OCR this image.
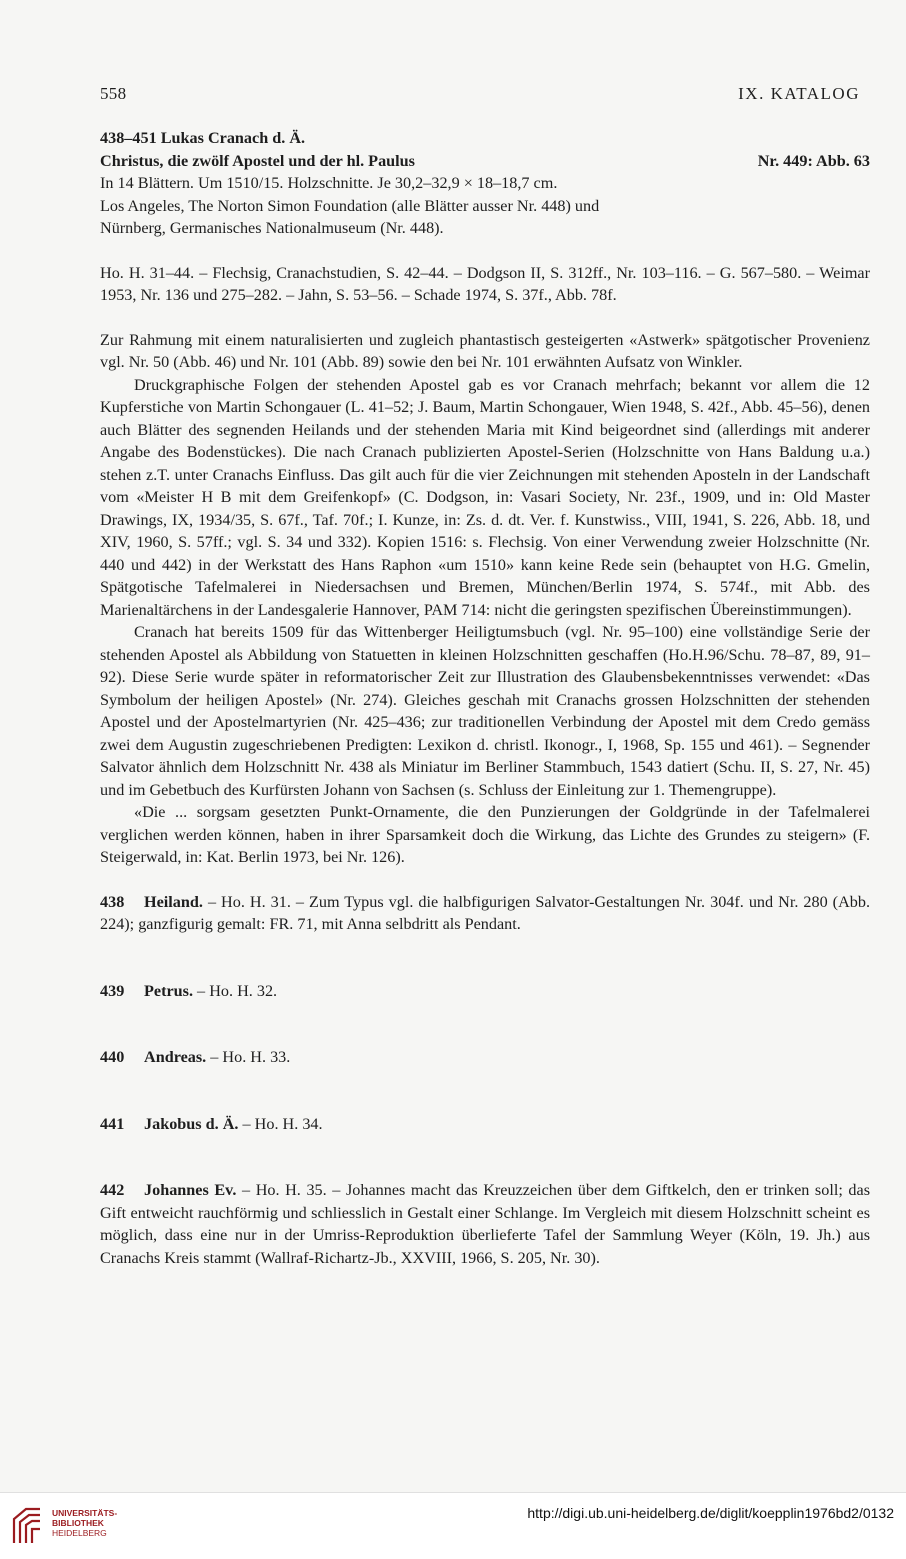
558	IX. KATALOG

438–451 Lukas Cranach d. Ä.

Christus, die zwölf Apostel und der hl. Paulus	Nr. 449: Abb. 63

In 14 Blättern. Um 1510/15. Holzschnitte. Je 30,2–32,9 × 18–18,7 cm.

Los Angeles, The Norton Simon Foundation (alle Blätter ausser Nr. 448) und

Nürnberg, Germanisches Nationalmuseum (Nr. 448).

Ho. H. 31–44. – Flechsig, Cranachstudien, S. 42–44. – Dodgson II, S. 312ff., Nr. 103–116. – G. 567–580. – Weimar 1953, Nr. 136 und 275–282. – Jahn, S. 53–56. – Schade 1974, S. 37f., Abb. 78f.

Zur Rahmung mit einem naturalisierten und zugleich phantastisch gesteigerten «Astwerk» spätgotischer Provenienz vgl. Nr. 50 (Abb. 46) und Nr. 101 (Abb. 89) sowie den bei Nr. 101 erwähnten Aufsatz von Winkler.

Druckgraphische Folgen der stehenden Apostel gab es vor Cranach mehrfach; bekannt vor allem die 12 Kupferstiche von Martin Schongauer (L. 41–52; J. Baum, Martin Schongauer, Wien 1948, S. 42f., Abb. 45–56), denen auch Blätter des segnenden Heilands und der stehenden Maria mit Kind beigeordnet sind (allerdings mit anderer Angabe des Bodenstückes). Die nach Cranach publizierten Apostel-Serien (Holzschnitte von Hans Baldung u.a.) stehen z.T. unter Cranachs Einfluss. Das gilt auch für die vier Zeichnungen mit stehenden Aposteln in der Landschaft vom «Meister H B mit dem Greifenkopf» (C. Dodgson, in: Vasari Society, Nr. 23f., 1909, und in: Old Master Drawings, IX, 1934/35, S. 67f., Taf. 70f.; I. Kunze, in: Zs. d. dt. Ver. f. Kunstwiss., VIII, 1941, S. 226, Abb. 18, und XIV, 1960, S. 57ff.; vgl. S. 34 und 332). Kopien 1516: s. Flechsig. Von einer Verwendung zweier Holzschnitte (Nr. 440 und 442) in der Werkstatt des Hans Raphon «um 1510» kann keine Rede sein (behauptet von H.G. Gmelin, Spätgotische Tafelmalerei in Niedersachsen und Bremen, München/Berlin 1974, S. 574f., mit Abb. des Marienaltärchens in der Landesgalerie Hannover, PAM 714: nicht die geringsten spezifischen Übereinstimmungen).

Cranach hat bereits 1509 für das Wittenberger Heiligtumsbuch (vgl. Nr. 95–100) eine vollständige Serie der stehenden Apostel als Abbildung von Statuetten in kleinen Holzschnitten geschaffen (Ho.H.96/Schu. 78–87, 89, 91–92). Diese Serie wurde später in reformatorischer Zeit zur Illustration des Glaubensbekenntnisses verwendet: «Das Symbolum der heiligen Apostel» (Nr. 274). Gleiches geschah mit Cranachs grossen Holzschnitten der stehenden Apostel und der Apostelmartyrien (Nr. 425–436; zur traditionellen Verbindung der Apostel mit dem Credo gemäss zwei dem Augustin zugeschriebenen Predigten: Lexikon d. christl. Ikonogr., I, 1968, Sp. 155 und 461). – Segnender Salvator ähnlich dem Holzschnitt Nr. 438 als Miniatur im Berliner Stammbuch, 1543 datiert (Schu. II, S. 27, Nr. 45) und im Gebetbuch des Kurfürsten Johann von Sachsen (s. Schluss der Einleitung zur 1. Themengruppe).

«Die ... sorgsam gesetzten Punkt-Ornamente, die den Punzierungen der Goldgründe in der Tafelmalerei verglichen werden können, haben in ihrer Sparsamkeit doch die Wirkung, das Lichte des Grundes zu steigern» (F. Steigerwald, in: Kat. Berlin 1973, bei Nr. 126).

438 Heiland. – Ho. H. 31. – Zum Typus vgl. die halbfigurigen Salvator-Gestaltungen Nr. 304f. und Nr. 280 (Abb. 224); ganzfigurig gemalt: FR. 71, mit Anna selbdritt als Pendant.

439 Petrus. – Ho. H. 32.

440 Andreas. – Ho. H. 33.

441 Jakobus d. Ä. – Ho. H. 34.

442 Johannes Ev. – Ho. H. 35. – Johannes macht das Kreuzzeichen über dem Giftkelch, den er trinken soll; das Gift entweicht rauchförmig und schliesslich in Gestalt einer Schlange. Im Vergleich mit diesem Holzschnitt scheint es möglich, dass eine nur in der Umriss-Reproduktion überlieferte Tafel der Sammlung Weyer (Köln, 19. Jh.) aus Cranachs Kreis stammt (Wallraf-Richartz-Jb., XXVIII, 1966, S. 205, Nr. 30).

UNIVERSITÄTS-
BIBLIOTHEK
HEIDELBERG
http://digi.ub.uni-heidelberg.de/diglit/koepplin1976bd2/0132
